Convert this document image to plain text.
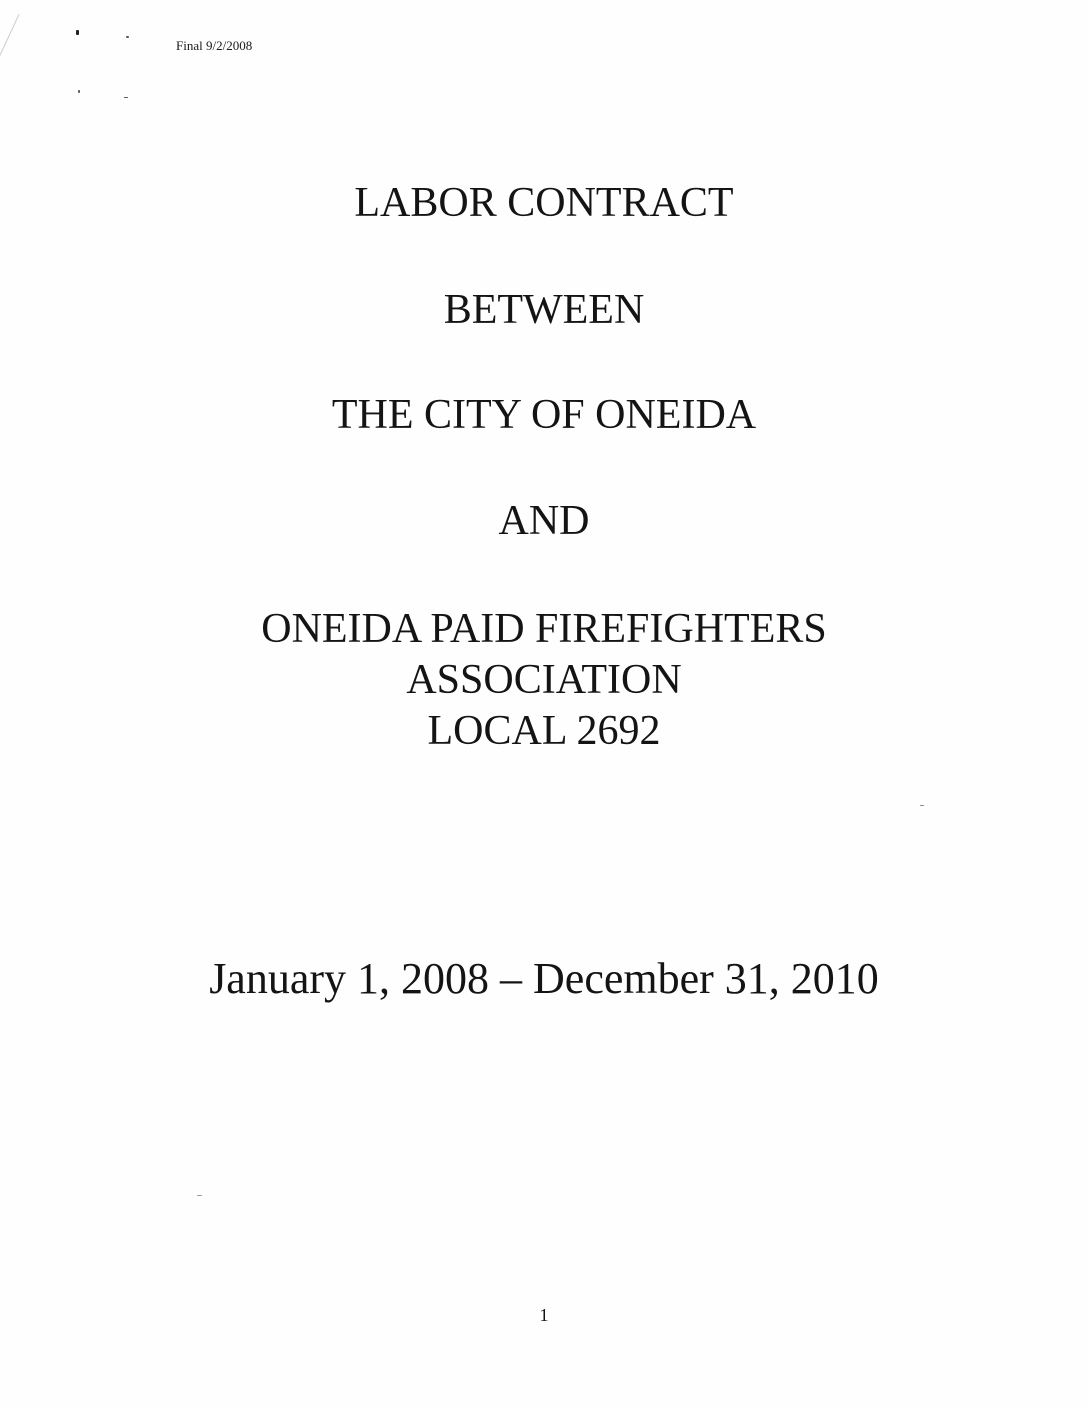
Final 9/2/2008
LABOR CONTRACT
BETWEEN
THE CITY OF ONEIDA
AND
ONEIDA PAID FIREFIGHTERS
ASSOCIATION
LOCAL 2692
January 1, 2008 – December 31, 2010
1
